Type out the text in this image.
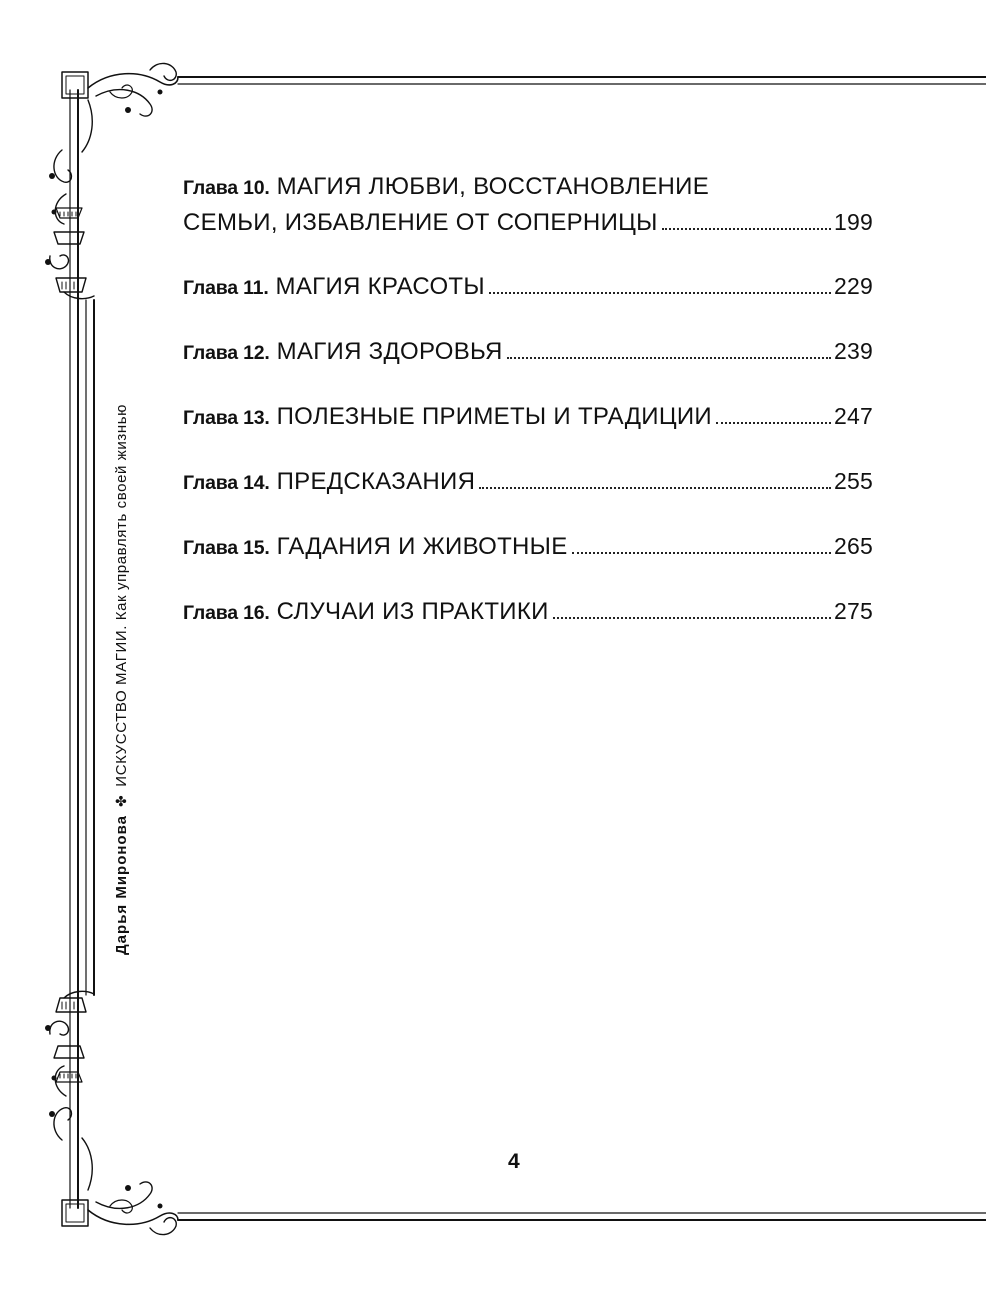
Дарья Миронова
✤
ИСКУССТВО МАГИИ. Как управлять своей жизнью
Глава 10. МАГИЯ ЛЮБВИ, ВОССТАНОВЛЕНИЕ
СЕМЬИ, ИЗБАВЛЕНИЕ ОТ СОПЕРНИЦЫ	199
Глава 11. МАГИЯ КРАСОТЫ	229
Глава 12. МАГИЯ ЗДОРОВЬЯ	239
Глава 13. ПОЛЕЗНЫЕ ПРИМЕТЫ И ТРАДИЦИИ	247
Глава 14. ПРЕДСКАЗАНИЯ	255
Глава 15. ГАДАНИЯ И ЖИВОТНЫЕ	265
Глава 16. СЛУЧАИ ИЗ ПРАКТИКИ	275
4
